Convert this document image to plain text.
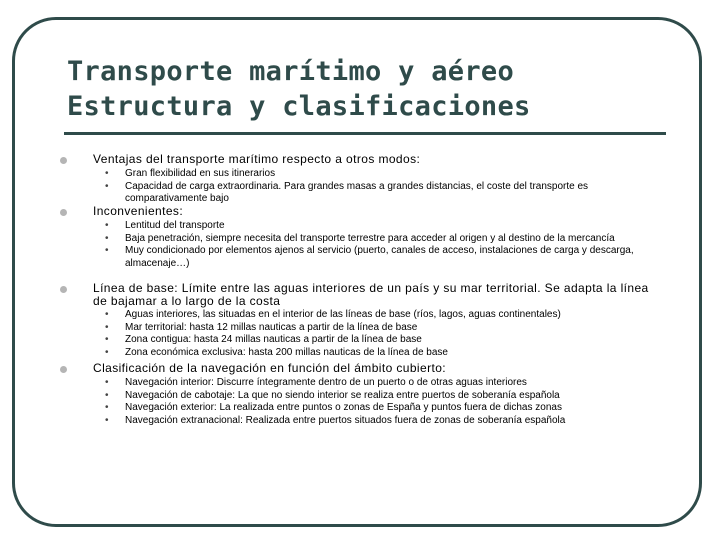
Transporte marítimo y aéreo
Estructura y clasificaciones
Ventajas del transporte marítimo respecto a otros modos:
• Gran flexibilidad en sus itinerarios
• Capacidad de carga extraordinaria. Para grandes masas a grandes distancias, el coste del transporte es comparativamente bajo
Inconvenientes:
• Lentitud del transporte
• Baja penetración, siempre necesita del transporte terrestre para acceder al origen y al destino de la mercancía
• Muy condicionado por elementos ajenos al servicio (puerto, canales de acceso, instalaciones de carga y descarga, almacenaje…)
Línea de base: Límite entre las aguas interiores de un país y su mar territorial. Se adapta la línea de bajamar a lo largo de la costa
• Aguas interiores, las situadas en el interior de las líneas de base (ríos, lagos, aguas continentales)
• Mar territorial: hasta 12 millas nauticas a partir de la línea de base
• Zona contigua: hasta 24 millas nauticas a partir de la línea de base
• Zona económica exclusiva: hasta 200 millas nauticas de la línea de base
Clasificación de la navegación en función del ámbito cubierto:
• Navegación interior: Discurre íntegramente dentro de un puerto o de otras aguas interiores
• Navegación de cabotaje: La que no siendo interior se realiza entre puertos de soberanía española
• Navegación exterior: La realizada entre puntos o zonas de España y puntos fuera de dichas zonas
• Navegación extranacional: Realizada entre puertos situados fuera de zonas de soberanía española
